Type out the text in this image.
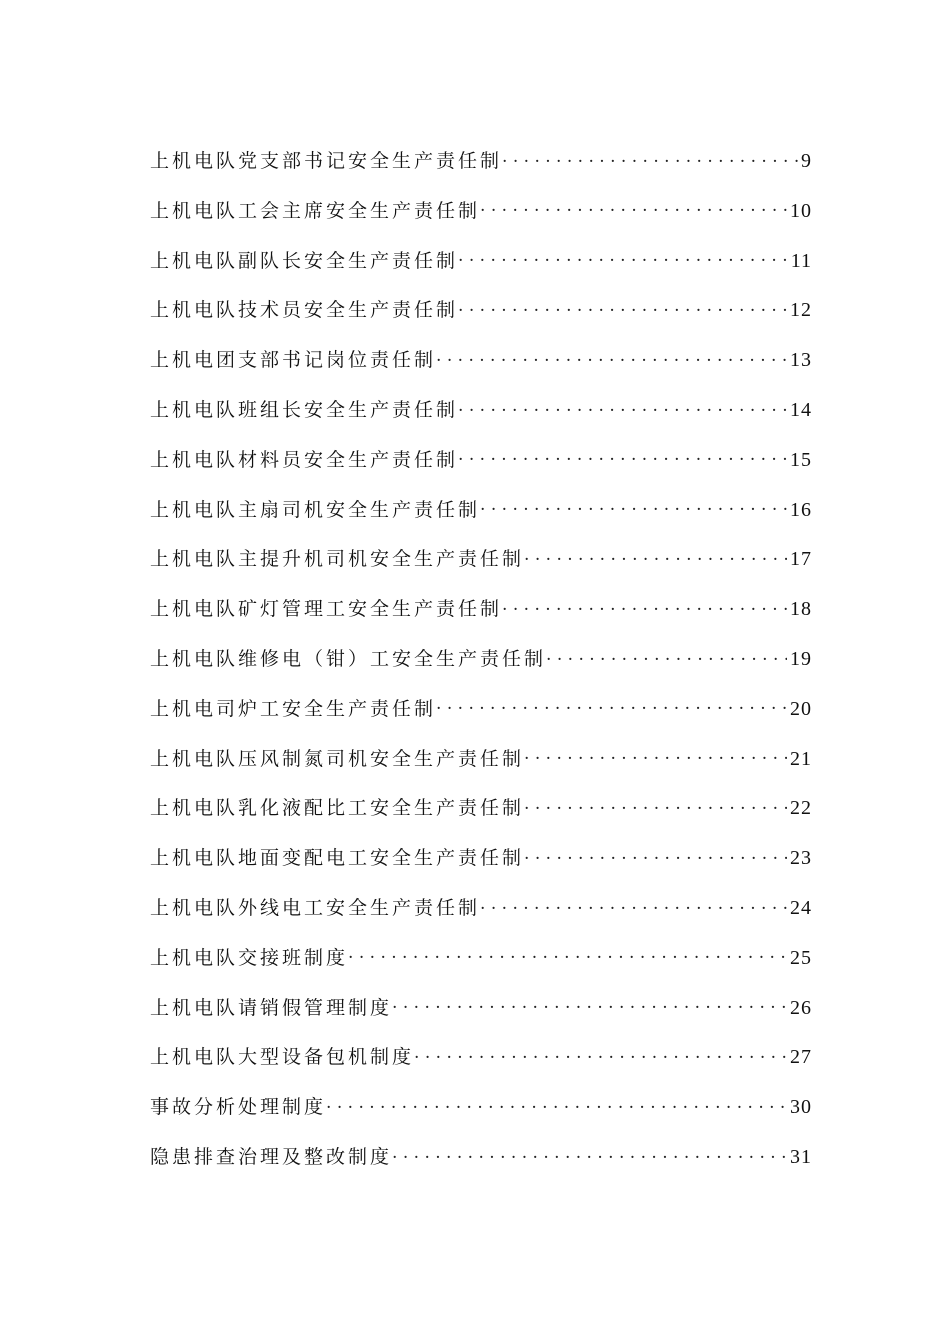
上机电队党支部书记安全生产责任制 . . .	9
上机电队工会主席安全生产责任制 . . .	10
上机电队副队长安全生产责任制 . . .	11
上机电队技术员安全生产责任制 . . .	12
上机电团支部书记岗位责任制 . . .	13
上机电队班组长安全生产责任制 . . .	14
上机电队材料员安全生产责任制 . . .	15
上机电队主扇司机安全生产责任制 . . .	16
上机电队主提升机司机安全生产责任制 . . .	17
上机电队矿灯管理工安全生产责任制 . . .	18
上机电队维修电（钳）工安全生产责任制 . . .	19
上机电司炉工安全生产责任制 . . .	20
上机电队压风制氮司机安全生产责任制 . . .	21
上机电队乳化液配比工安全生产责任制 . . .	22
上机电队地面变配电工安全生产责任制 . . .	23
上机电队外线电工安全生产责任制 . . .	24
上机电队交接班制度 . . .	25
上机电队请销假管理制度 . . .	26
上机电队大型设备包机制度 . . .	27
事故分析处理制度 . . .	30
隐患排查治理及整改制度 . . .	31
